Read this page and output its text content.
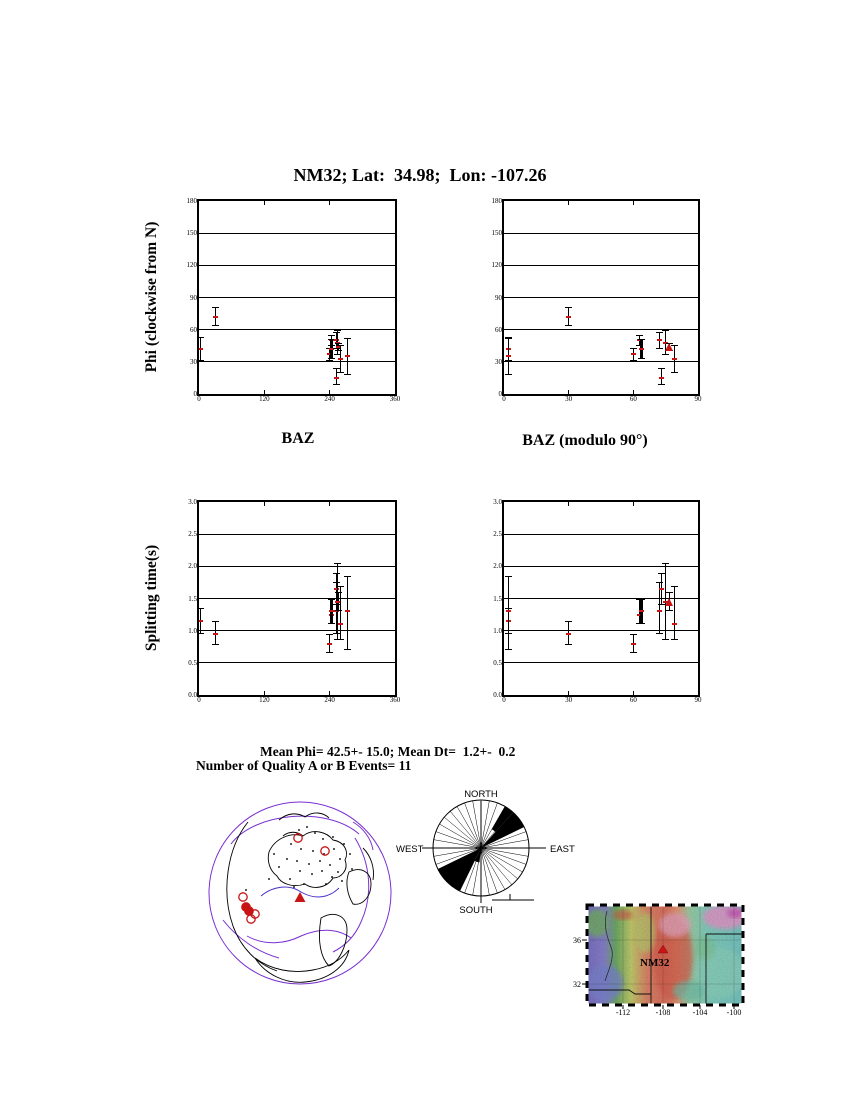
NM32; Lat:  34.98;  Lon: -107.26
Phi (clockwise from N)
Splitting time(s)
0
30
60
90
120
150
180
0	120	240	360
0
30
60
90
120
150
180
0	30	60	90
0.0
0.5
1.0
1.5
2.0
2.5
3.0
0	120	240	360
0.0
0.5
1.0
1.5
2.0
2.5
3.0
0	30	60	90
BAZ	BAZ (modulo 90°)
Mean Phi= 42.5+- 15.0; Mean Dt=  1.2+-  0.2
Number of Quality A or B Events= 11
NORTH
SOUTH
EAST
WEST
-112	-108	-104 -100
36
32
NM32
